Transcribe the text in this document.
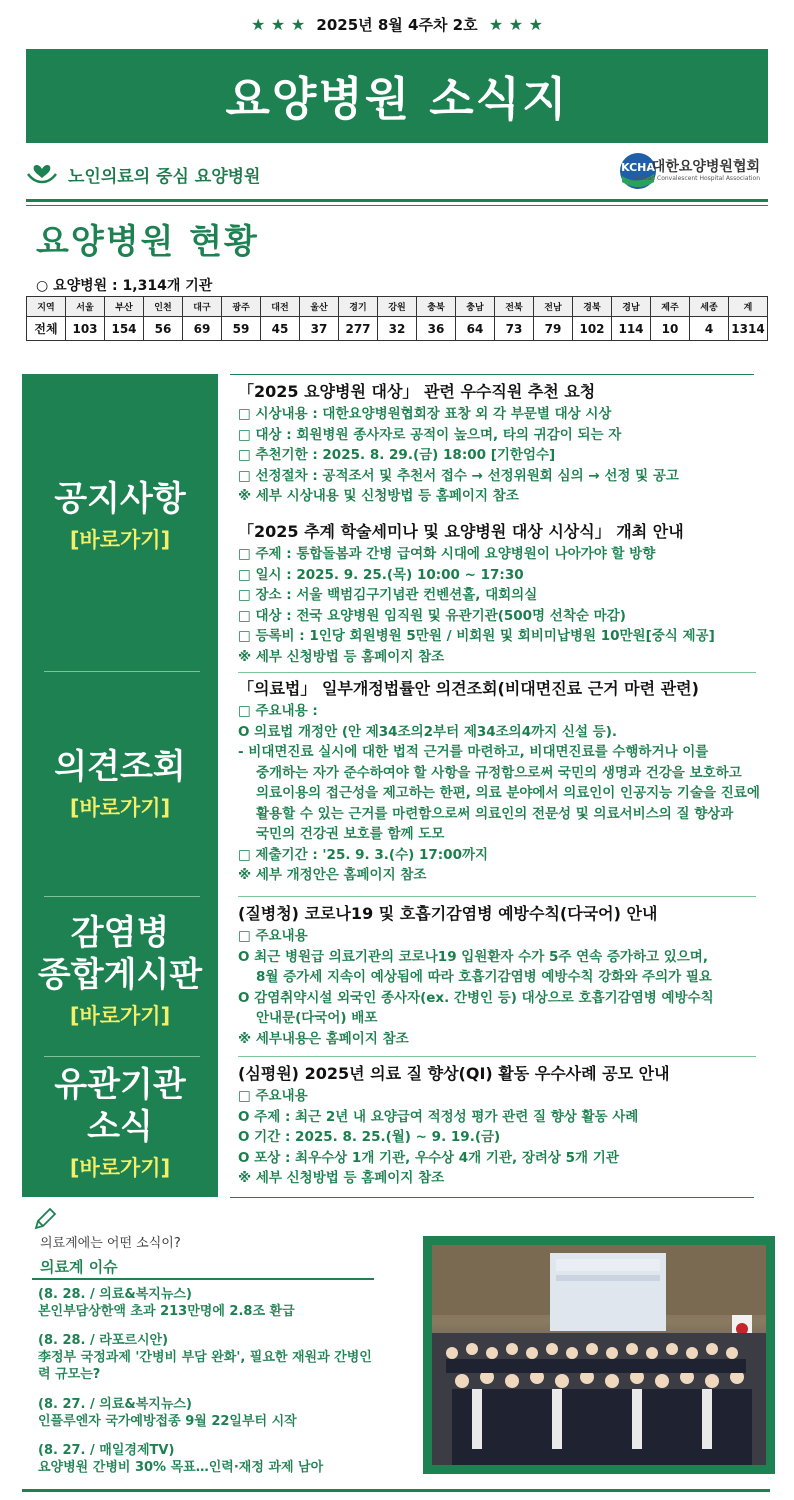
★ ★ ★ 2025년 8월 4주차 2호 ★ ★ ★
요양병원 소식지
노인의료의 중심 요양병원	KCHA
대한요양병원협회
Korean Convalescent Hospital Association
요양병원 현황
○ 요양병원 : 1,314개 기관
지역	서울	부산	인천	대구	광주	대전	울산	경기	강원	충북	충남	전북	전남	경북	경남	제주	세종	계
전체	103	154	56	69	59	45	37	277	32	36	64	73	79	102	114	10	4	1314
공지사항
[바로가기]
의견조회
[바로가기]
감염병
종합게시판
[바로가기]
유관기관
소식
[바로가기]
「2025 요양병원 대상」 관련 우수직원 추천 요청
□ 시상내용 : 대한요양병원협회장 표창 외 각 부문별 대상 시상
□ 대상 : 회원병원 종사자로 공적이 높으며, 타의 귀감이 되는 자
□ 추천기한 : 2025. 8. 29.(금) 18:00 [기한엄수]
□ 선정절차 : 공적조서 및 추천서 접수 → 선정위원회 심의 → 선정 및 공고
※ 세부 시상내용 및 신청방법 등 홈페이지 참조
「2025 추계 학술세미나 및 요양병원 대상 시상식」 개최 안내
□ 주제 : 통합돌봄과 간병 급여화 시대에 요양병원이 나아가야 할 방향
□ 일시 : 2025. 9. 25.(목) 10:00 ~ 17:30
□ 장소 : 서울 백범김구기념관 컨벤션홀, 대회의실
□ 대상 : 전국 요양병원 임직원 및 유관기관(500명 선착순 마감)
□ 등록비 : 1인당 회원병원 5만원 / 비회원 및 회비미납병원 10만원[중식 제공]
※ 세부 신청방법 등 홈페이지 참조
「의료법」 일부개정법률안 의견조회(비대면진료 근거 마련 관련)
□ 주요내용 :
O 의료법 개정안 (안 제34조의2부터 제34조의4까지 신설 등).
- 비대면진료 실시에 대한 법적 근거를 마련하고, 비대면진료를 수행하거나 이를
중개하는 자가 준수하여야 할 사항을 규정함으로써 국민의 생명과 건강을 보호하고
의료이용의 접근성을 제고하는 한편, 의료 분야에서 의료인이 인공지능 기술을 진료에
활용할 수 있는 근거를 마련함으로써 의료인의 전문성 및 의료서비스의 질 향상과
국민의 건강권 보호를 함께 도모
□ 제출기간 : '25. 9. 3.(수) 17:00까지
※ 세부 개정안은 홈페이지 참조
(질병청) 코로나19 및 호흡기감염병 예방수칙(다국어) 안내
□ 주요내용
O 최근 병원급 의료기관의 코로나19 입원환자 수가 5주 연속 증가하고 있으며,
8월 증가세 지속이 예상됨에 따라 호흡기감염병 예방수칙 강화와 주의가 필요
O 감염취약시설 외국인 종사자(ex. 간병인 등) 대상으로 호흡기감염병 예방수칙
안내문(다국어) 배포
※ 세부내용은 홈페이지 참조
(심평원) 2025년 의료 질 향상(QI) 활동 우수사례 공모 안내
□ 주요내용
O 주제 : 최근 2년 내 요양급여 적정성 평가 관련 질 향상 활동 사례
O 기간 : 2025. 8. 25.(월) ~ 9. 19.(금)
O 포상 : 최우수상 1개 기관, 우수상 4개 기관, 장려상 5개 기관
※ 세부 신청방법 등 홈페이지 참조
의료계에는 어떤 소식이?
의료계 이슈
(8. 28. / 의료&복지뉴스)
본인부담상한액 초과 213만명에 2.8조 환급
(8. 28. / 라포르시안)
李정부 국정과제 '간병비 부담 완화', 필요한 재원과 간병인력 규모는?
(8. 27. / 의료&복지뉴스)
인플루엔자 국가예방접종 9월 22일부터 시작
(8. 27. / 매일경제TV)
요양병원 간병비 30% 목표…인력·재정 과제 남아
